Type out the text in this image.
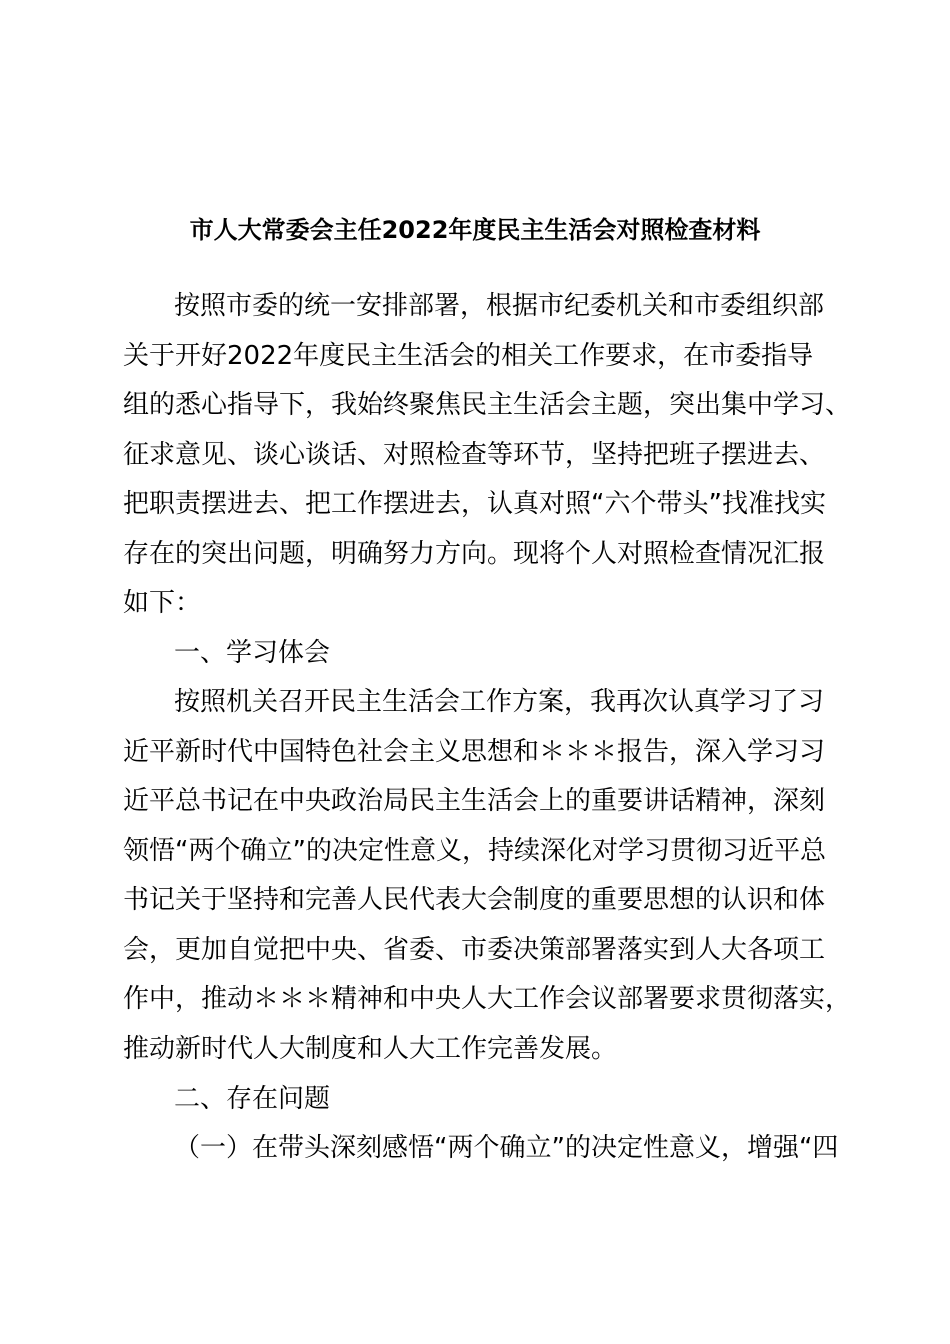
市人大常委会主任2022年度民主生活会对照检查材料
按照市委的统一安排部署，根据市纪委机关和市委组织部
关于开好2022年度民主生活会的相关工作要求，在市委指导
组的悉心指导下，我始终聚焦民主生活会主题，突出集中学习、
征求意见、谈心谈话、对照检查等环节，坚持把班子摆进去、
把职责摆进去、把工作摆进去，认真对照“六个带头”找准找实
存在的突出问题，明确努力方向。现将个人对照检查情况汇报
如下：
一、学习体会
按照机关召开民主生活会工作方案，我再次认真学习了习
近平新时代中国特色社会主义思想和＊＊＊报告，深入学习习
近平总书记在中央政治局民主生活会上的重要讲话精神，深刻
领悟“两个确立”的决定性意义，持续深化对学习贯彻习近平总
书记关于坚持和完善人民代表大会制度的重要思想的认识和体
会，更加自觉把中央、省委、市委决策部署落实到人大各项工
作中，推动＊＊＊精神和中央人大工作会议部署要求贯彻落实，
推动新时代人大制度和人大工作完善发展。
二、存在问题
（一）在带头深刻感悟“两个确立”的决定性意义，增强“四
